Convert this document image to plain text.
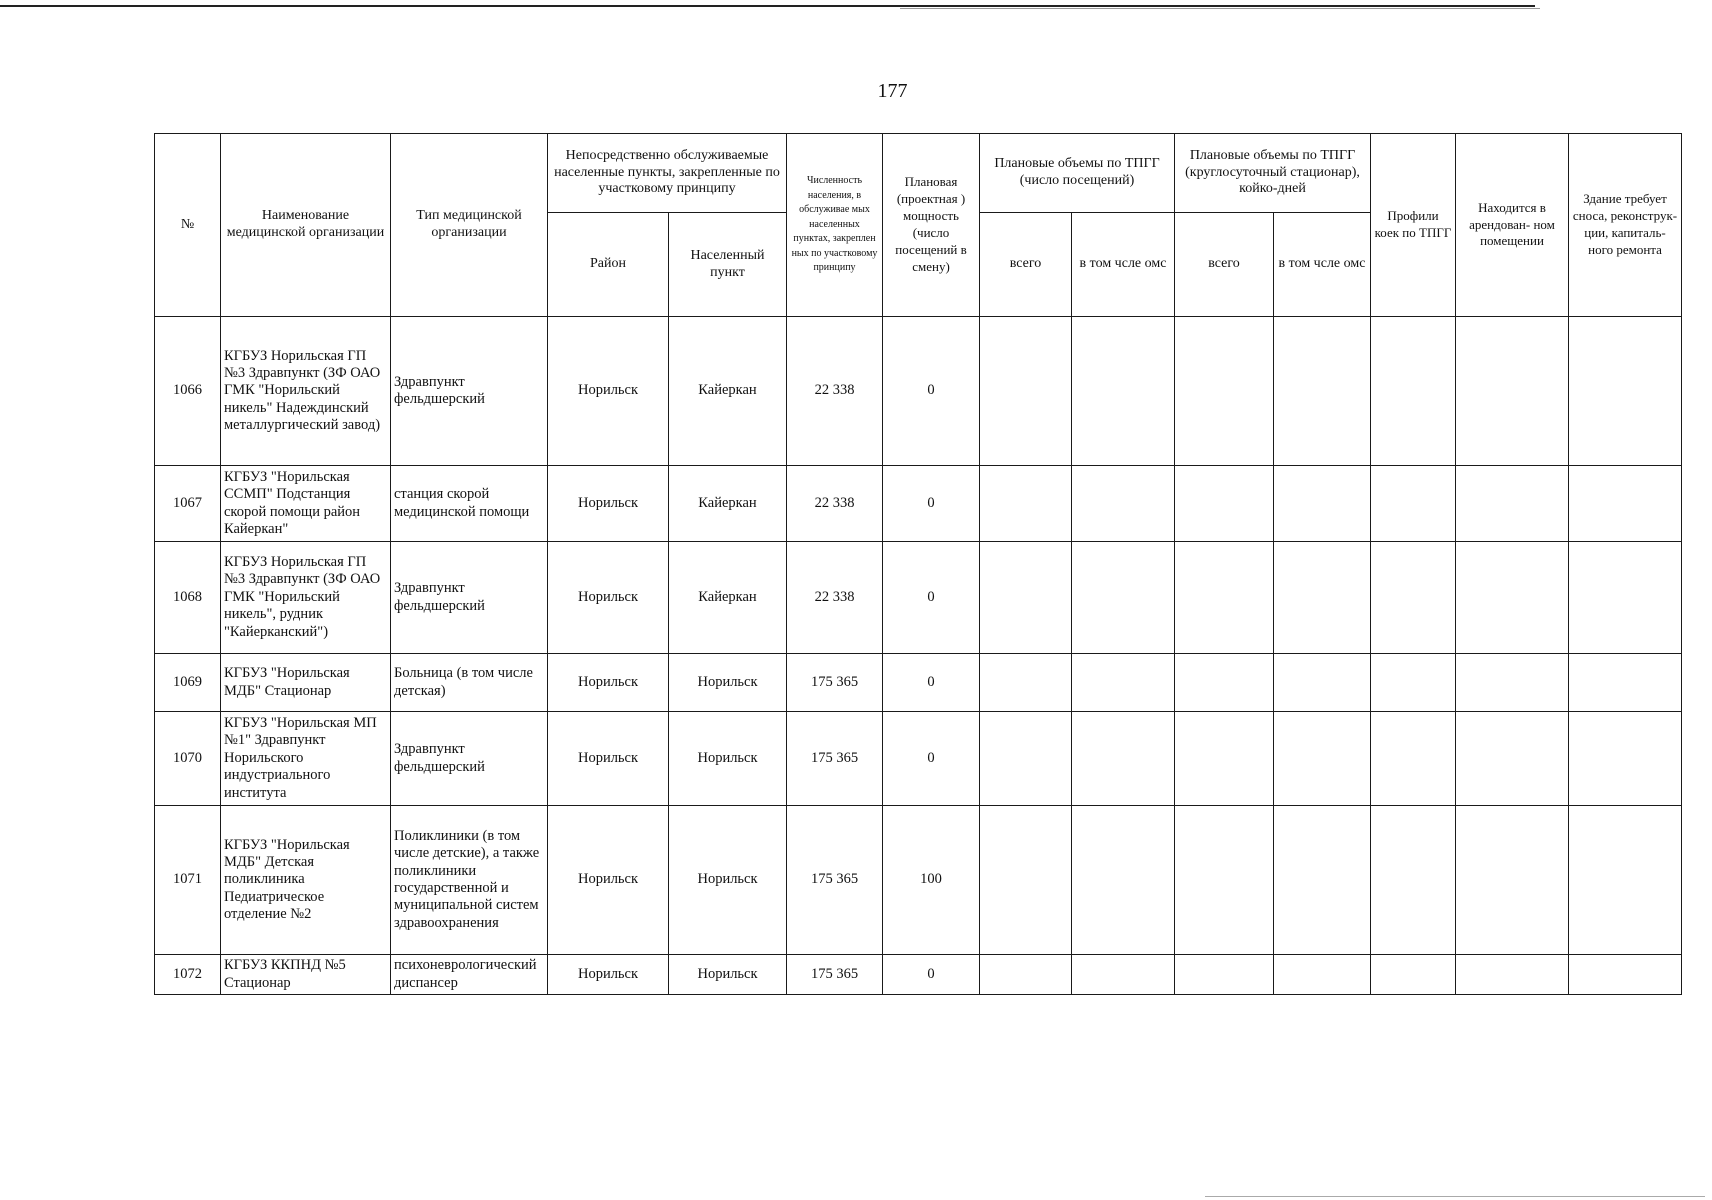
177
№	Наименование медицинской организации	Тип медицинской организации	Непосредственно обслуживаемые населенные пункты, закрепленные по участковому принципу		Численность населения, в обслуживае мых населенных пунктах, закреплен ных по участковому принципу	Плановая (проектная ) мощность (число посещений в смену)	Плановые объемы по ТПГГ (число посещений)		Плановые объемы по ТПГГ (круглосуточный стационар), койко-дней		Профили коек по ТПГГ	Находится в арендован- ном помещении	Здание требует сноса, реконструк- ции, капиталь- ного ремонта
			Район	Населенный пункт			всего	в том чсле омс	всего	в том чсле омс			
1066	КГБУЗ Норильская ГП №3 Здравпункт (ЗФ ОАО ГМК "Норильский никель" Надеждинский металлургический завод)	Здравпункт фельдшерский	Норильск	Кайеркан	22 338	0							
1067	КГБУЗ "Норильская ССМП" Подстанция скорой помощи район Кайеркан"	станция скорой медицинской помощи	Норильск	Кайеркан	22 338	0							
1068	КГБУЗ Норильская ГП №3 Здравпункт (ЗФ ОАО ГМК "Норильский никель", рудник "Кайерканский")	Здравпункт фельдшерский	Норильск	Кайеркан	22 338	0							
1069	КГБУЗ "Норильская МДБ" Стационар	Больница (в том числе детская)	Норильск	Норильск	175 365	0							
1070	КГБУЗ "Норильская МП №1" Здравпункт Норильского индустриального института	Здравпункт фельдшерский	Норильск	Норильск	175 365	0							
1071	КГБУЗ "Норильская МДБ" Детская поликлиника Педиатрическое отделение №2	Поликлиники (в том числе детские), а также поликлиники государственной и муниципальной систем здравоохранения	Норильск	Норильск	175 365	100							
1072	КГБУЗ ККПНД №5 Стационар	психоневрологический диспансер	Норильск	Норильск	175 365	0							
